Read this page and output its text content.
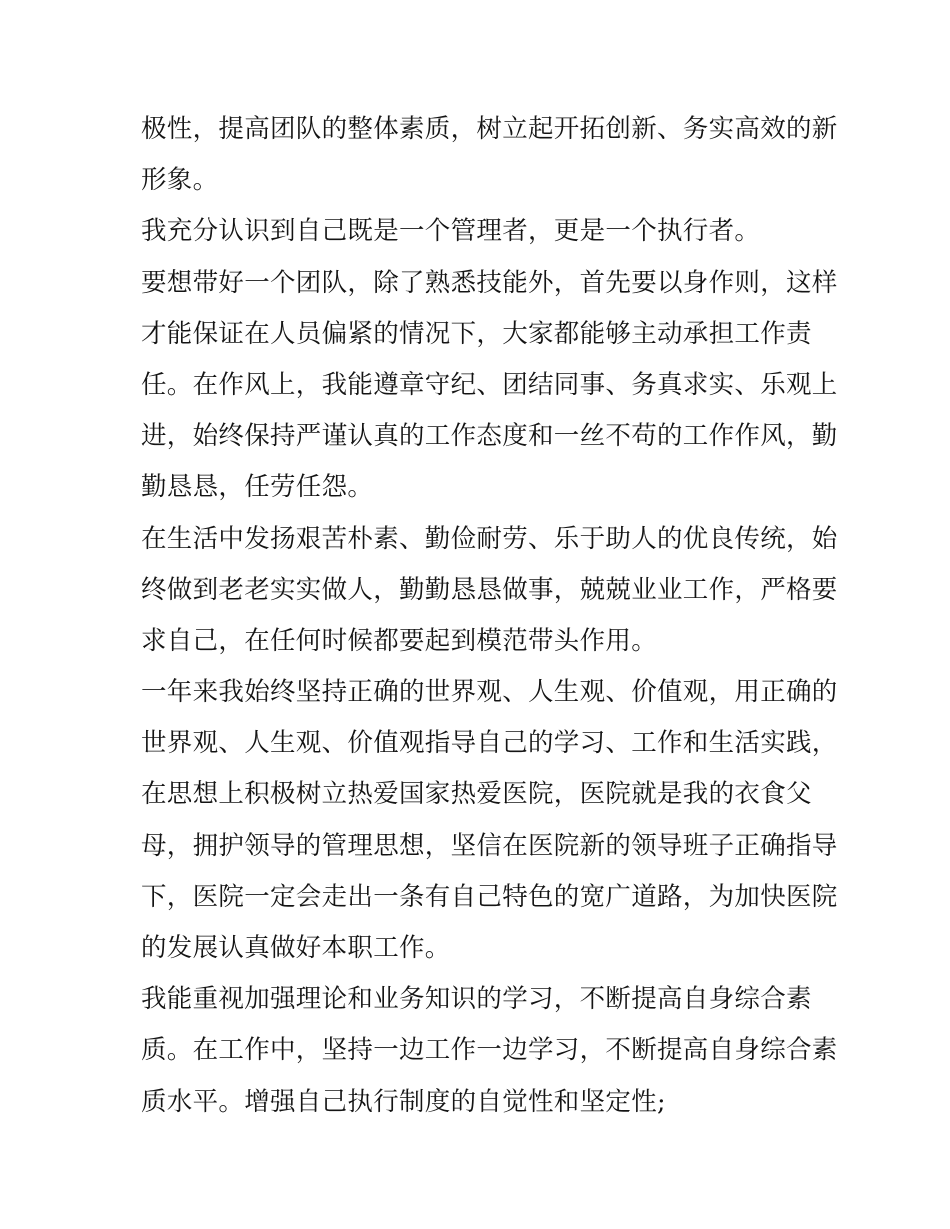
极性，提高团队的整体素质，树立起开拓创新、务实高效的新
形象。
我充分认识到自己既是一个管理者，更是一个执行者。
要想带好一个团队，除了熟悉技能外，首先要以身作则，这样
才能保证在人员偏紧的情况下，大家都能够主动承担工作责
任。在作风上，我能遵章守纪、团结同事、务真求实、乐观上
进，始终保持严谨认真的工作态度和一丝不苟的工作作风，勤
勤恳恳，任劳任怨。
在生活中发扬艰苦朴素、勤俭耐劳、乐于助人的优良传统，始
终做到老老实实做人，勤勤恳恳做事，兢兢业业工作，严格要
求自己，在任何时候都要起到模范带头作用。
一年来我始终坚持正确的世界观、人生观、价值观，用正确的
世界观、人生观、价值观指导自己的学习、工作和生活实践，
在思想上积极树立热爱国家热爱医院，医院就是我的衣食父
母，拥护领导的管理思想，坚信在医院新的领导班子正确指导
下，医院一定会走出一条有自己特色的宽广道路，为加快医院
的发展认真做好本职工作。
我能重视加强理论和业务知识的学习，不断提高自身综合素
质。在工作中，坚持一边工作一边学习，不断提高自身综合素
质水平。增强自己执行制度的自觉性和坚定性;
